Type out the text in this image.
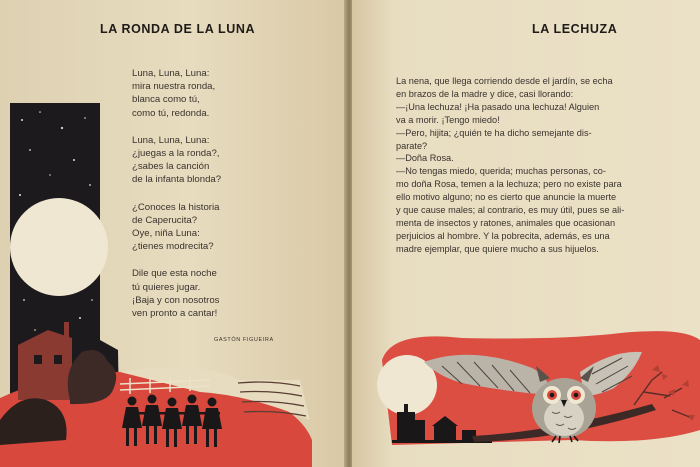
LA RONDA DE LA LUNA
Luna, Luna, Luna:
mira nuestra ronda,
blanca como tú,
como tú, redonda.
Luna, Luna, Luna:
¿juegas a la ronda?,
¿sabes la canción
de la infanta blonda?
¿Conoces la historia
de Caperucita?
Oye, niña Luna:
¿tienes modrecita?
Dile que esta noche
tú quieres jugar.
¡Baja y con nosotros
ven pronto a cantar!
GASTÓN FIGUEIRA
LA LECHUZA
La nena, que llega corriendo desde el jardín, se echa
en brazos de la madre y dice, casi llorando:
—¡Una lechuza! ¡Ha pasado una lechuza! Alguien
va a morir. ¡Tengo miedo!
—Pero, hijita; ¿quién te ha dicho semejante dis-
parate?
—Doña Rosa.
—No tengas miedo, querida; muchas personas, co-
mo doña Rosa, temen a la lechuza; pero no existe para
ello motivo alguno; no es cierto que anuncie la muerte
y que cause males; al contrario, es muy útil, pues se ali-
menta de insectos y ratones, animales que ocasionan
perjuicios al hombre. Y la pobrecita, además, es una
madre ejemplar, que quiere mucho a sus hijuelos.
